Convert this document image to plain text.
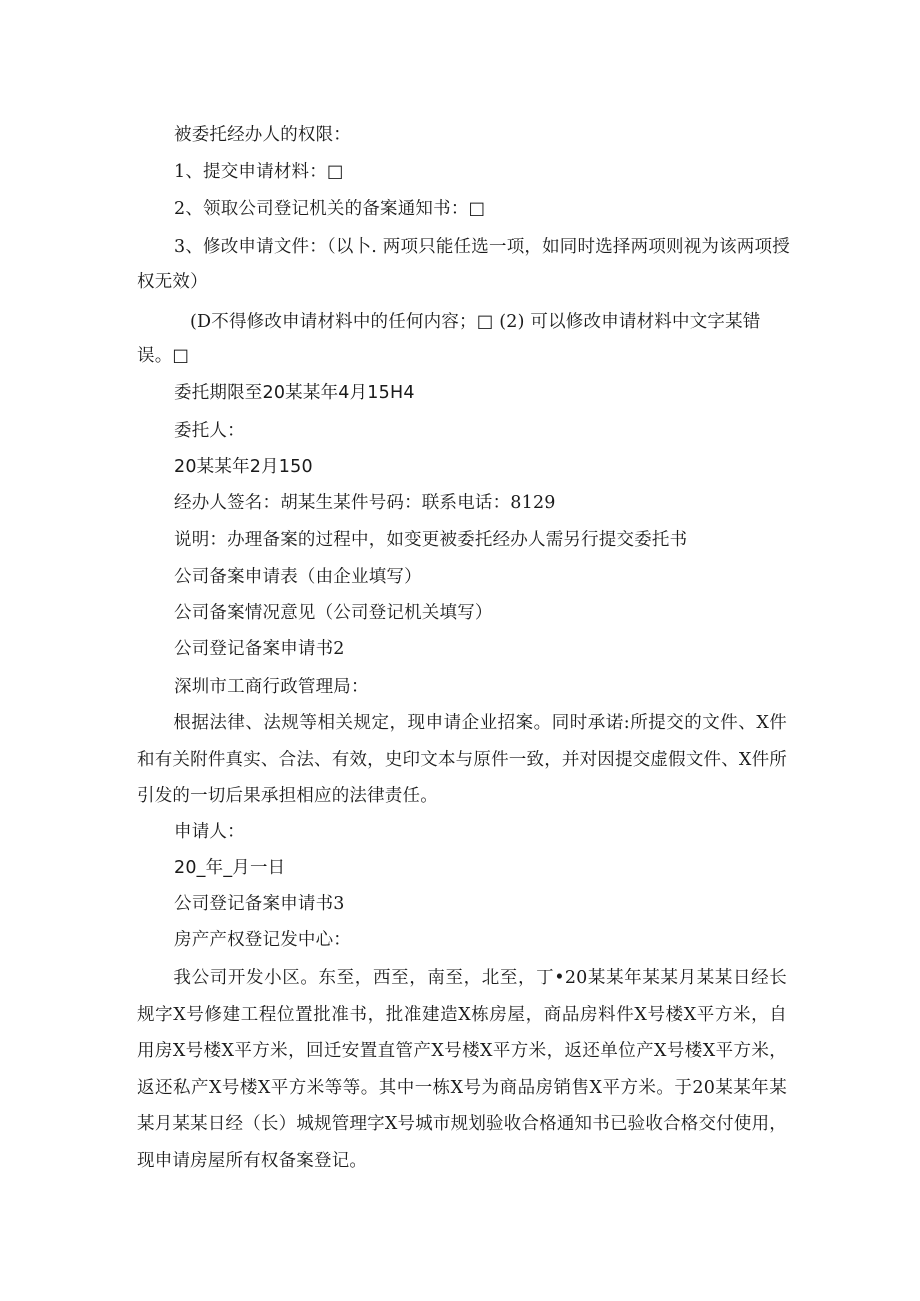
被委托经办人的权限：
1、提交申请材料：□
2、领取公司登记机关的备案通知书：□
3、修改申请文件：（以卜. 两项只能任选一项，如同时选择两项则视为该两项授
权无效）
(D不得修改申请材料中的任何内容；□ (2) 可以修改申请材料中文字某错
误。□
委托期限至20某某年4月15H4
委托人：
20某某年2月150
经办人签名：胡某生某件号码：联系电话：8129
说明：办理备案的过程中，如变更被委托经办人需另行提交委托书
公司备案申请表（由企业填写）
公司备案情况意见（公司登记机关填写）
公司登记备案申请书2
深圳市工商行政管理局：
根据法律、法规等相关规定，现申请企业招案。同时承诺:所提交的文件、X件和有关附件真实、合法、有效，史印文本与原件一致，并对因提交虚假文件、X件所引发的一切后果承担相应的法律责任。
申请人：
20_年_月一日
公司登记备案申请书3
房产产权登记发中心：
我公司开发小区。东至，西至，南至，北至，丁•20某某年某某月某某日经长规字X号修建工程位置批准书，批准建造X栋房屋，商品房料件X号楼X平方米，自用房X号楼X平方米，回迁安置直管产X号楼X平方米，返还单位产X号楼X平方米，返还私产X号楼X平方米等等。其中一栋X号为商品房销售X平方米。于20某某年某某月某某日经（长）城规管理字X号城市规划验收合格通知书已验收合格交付使用，现申请房屋所有权备案登记。
